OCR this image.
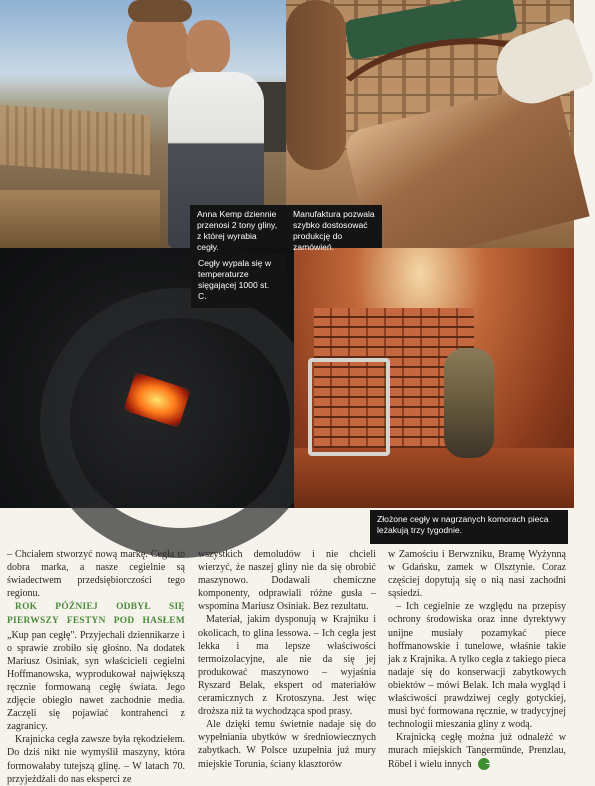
Anna Kemp dziennie przenosi 2 tony gliny, z której wyrabia cegły.
Manufaktura pozwala szybko dostosować produkcję do zamówień.
Cegły wypala się w temperaturze sięgającej 1000 st. C.
Złożone cegły w nagrzanych komorach pieca leżakują trzy tygodnie.

– Chciałem stworzyć nową markę. Cegła to dobra marka, a nasze cegielnie są świadectwem przedsiębiorczości tego regionu.

ROK PÓŹNIEJ ODBYŁ SIĘ PIERWSZY FESTYN POD HASŁEM „Kup pan cegłę". Przyjechali dziennikarze i o sprawie zrobiło się głośno. Na dodatek Mariusz Osiniak, syn właścicieli cegielni Hoffmanowska, wyprodukował największą ręcznie formowaną cegłę świata. Jego zdjęcie obiegło nawet zachodnie media. Zaczęli się pojawiać kontrahenci z zagranicy.

Krajnicka cegła zawsze była rękodziełem. Do dziś nikt nie wymyślił maszyny, która formowałaby tutejszą glinę. – W latach 70. przyjeżdżali do nas eksperci ze

wszystkich demoludów i nie chcieli wierzyć, że naszej gliny nie da się obrobić maszynowo. Dodawali chemiczne komponenty, odprawiali różne gusła – wspomina Mariusz Osiniak. Bez rezultatu.

Materiał, jakim dysponują w Krajniku i okolicach, to glina lessowa. – Ich cegła jest lekka i ma lepsze właściwości termoizolacyjne, ale nie da się jej produkować maszynowo – wyjaśnia Ryszard Belak, ekspert od materiałów ceramicznych z Krotoszyna. Jest więc droższa niż ta wychodząca spod prasy.

Ale dzięki temu świetnie nadaje się do wypełniania ubytków w średniowiecznych zabytkach. W Polsce uzupełnia już mury miejskie Torunia, ściany klasztorów

w Zamościu i Berwzniku, Bramę Wyżynną w Gdańsku, zamek w Olsztynie. Coraz częściej dopytują się o nią nasi zachodni sąsiedzi.

– Ich cegielnie ze względu na przepisy ochrony środowiska oraz inne dyrektywy unijne musiały pozamykać piece hoffmanowskie i tunelowe, właśnie takie jak z Krajnika. A tylko cegła z takiego pieca nadaje się do konserwacji zabytkowych obiektów – mówi Belak. Ich mała wygląd i właściwości prawdziwej cegły gotyckiej, musi być formowana ręcznie, w tradycyjnej technologii mieszania gliny z wodą.

Krajnicką cegłę można już odnaleźć w murach miejskich Tangermünde, Prenzlau, Röbel i wielu innych ➔
